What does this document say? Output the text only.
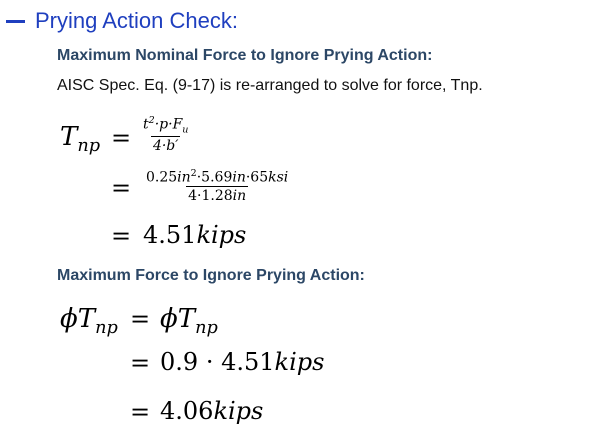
Prying Action Check:
Maximum Nominal Force to Ignore Prying Action:
AISC Spec. Eq. (9-17) is re-arranged to solve for force, Tnp.
$T_{np} = \frac{t^2\cdot p\cdot F_u}{4\cdot b'}$
= $\frac{0.25in^2\cdot 5.69in\cdot 65ksi}{4\cdot 1.28in}$
= 4.51kips
Maximum Force to Ignore Prying Action:
$\phi T_{np} = \phi T_{np}$
= 0.9 · 4.51kips
= 4.06kips
